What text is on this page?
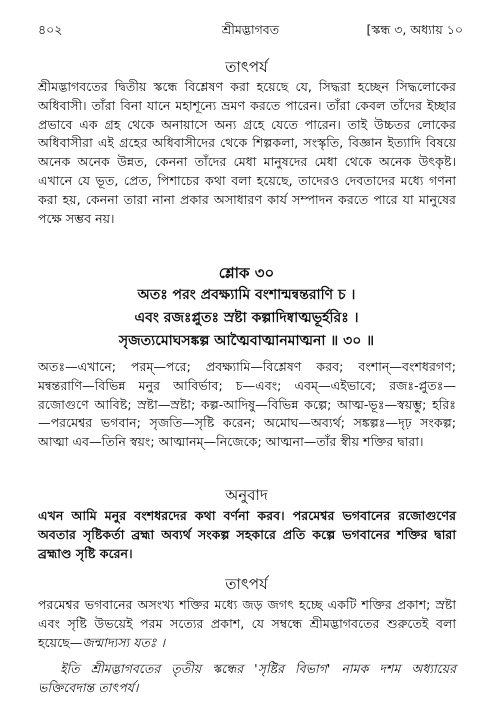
৪০২	শ্রীমদ্ভাগবত	[স্কন্ধ ৩, অধ্যায় ১০
তাৎপর্য

শ্রীমদ্ভাগবতের দ্বিতীয় স্কন্ধে বিশ্লেষণ করা হয়েছে যে, সিদ্ধরা হচ্ছেন সিদ্ধলোকের অধিবাসী। তাঁরা বিনা যানে মহাশূন্যে ভ্রমণ করতে পারেন। তাঁরা কেবল তাঁদের ইচ্ছার প্রভাবে এক গ্রহ থেকে অনায়াসে অন্য গ্রহে যেতে পারেন। তাই উচ্চতর লোকের অধিবাসীরা এই গ্রহের অধিবাসীদের থেকে শিল্পকলা, সংস্কৃতি, বিজ্ঞান ইত্যাদি বিষয়ে অনেক অনেক উন্নত, কেননা তাঁদের মেধা মানুষদের মেধা থেকে অনেক উৎকৃষ্ট। এখানে যে ভূত, প্রেত, পিশাচের কথা বলা হয়েছে, তাদেরও দেবতাদের মধ্যে গণনা করা হয়, কেননা তারা নানা প্রকার অসাধারণ কার্য সম্পাদন করতে পারে যা মানুষের পক্ষে সম্ভব নয়।

শ্লোক ৩০
অতঃ পরং প্রবক্ষ্যামি বংশান্মন্বন্তরাণি চ ।
এবং রজঃপ্লুতঃ স্রষ্টা কল্পাদিষ্বাত্মভূর্হরিঃ ।
সৃজত্যমোঘসঙ্কল্প আত্মৈবাত্মানমাত্মনা ॥ ৩০ ॥

অতঃ—এখানে; পরম্—পরে; প্রবক্ষ্যামি—বিশ্লেষণ করব; বংশান্—বংশধরগণ; মন্বন্তরাণি—বিভিন্ন মনুর আবির্ভাব; চ—এবং; এবম্—এইভাবে; রজঃ-প্লুতঃ—রজোগুণে আবিষ্ট; স্রষ্টা—স্রষ্টা; কল্প-আদিষু—বিভিন্ন কল্পে; আত্ম-ভূঃ—স্বয়ম্ভু; হরিঃ—পরমেশ্বর ভগবান; সৃজতি—সৃষ্টি করেন; অমোঘ—অব্যর্থ; সঙ্কল্পঃ—দৃঢ় সংকল্প; আত্মা এব—তিনি স্বয়ং; আত্মানম্—নিজেকে; আত্মনা—তাঁর স্বীয় শক্তির দ্বারা।

অনুবাদ

এখন আমি মনুর বংশধরদের কথা বর্ণনা করব। পরমেশ্বর ভগবানের রজোগুণের অবতার সৃষ্টিকর্তা ব্রহ্মা অব্যর্থ সংকল্প সহকারে প্রতি কল্পে ভগবানের শক্তির দ্বারা ব্রহ্মাণ্ড সৃষ্টি করেন।

তাৎপর্য

পরমেশ্বর ভগবানের অসংখ্য শক্তির মধ্যে জড় জগৎ হচ্ছে একটি শক্তির প্রকাশ; স্রষ্টা এবং সৃষ্টি উভয়েই পরম সত্যের প্রকাশ, যে সম্বন্ধে শ্রীমদ্ভাগবতের শুরুতেই বলা হয়েছে—জন্মাদ্যস্য যতঃ ।

ইতি শ্রীমদ্ভাগবতের তৃতীয় স্কন্ধের 'সৃষ্টির বিভাগ' নামক দশম অধ্যায়ের ভক্তিবেদান্ত তাৎপর্য।
